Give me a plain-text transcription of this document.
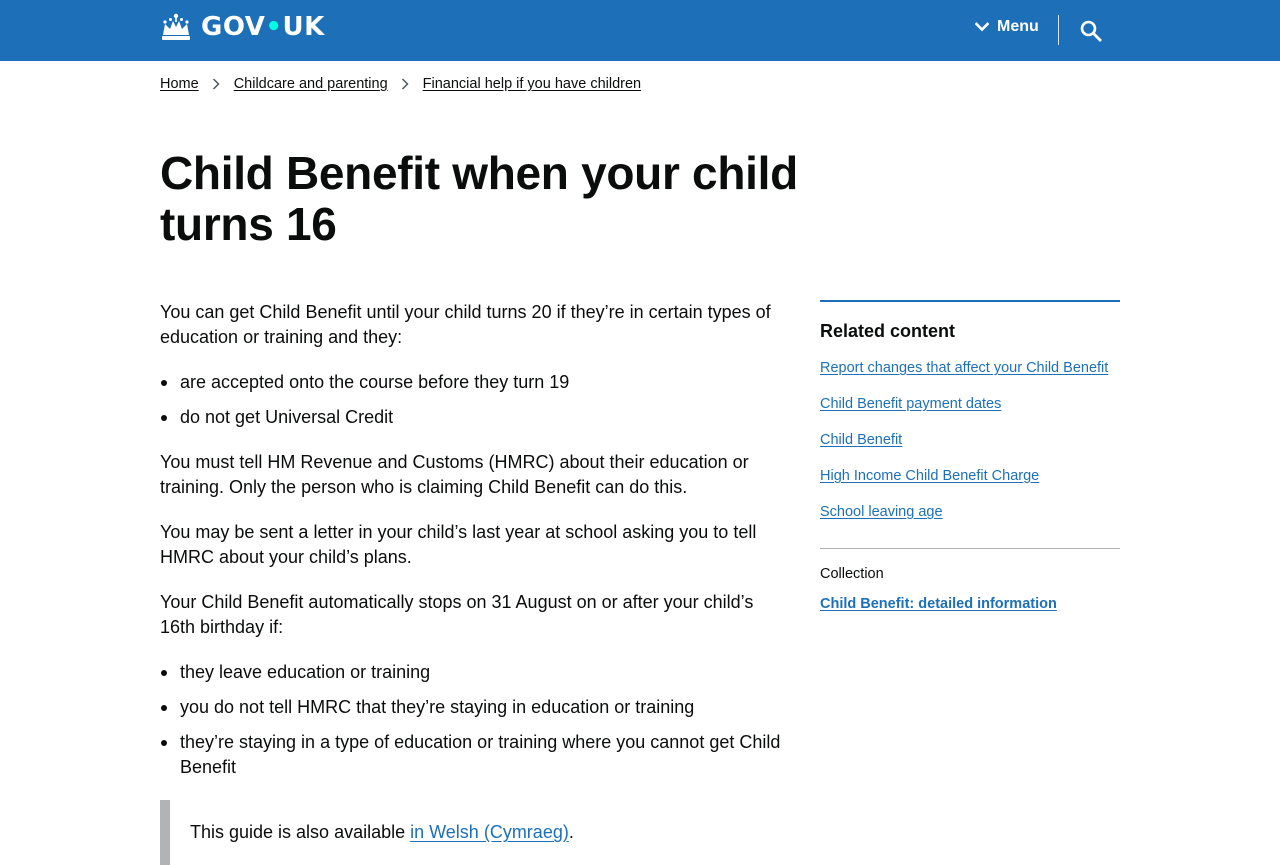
GOV•UK	Menu
Home Childcare and parenting Financial help if you have children
Child Benefit when your child turns 16

You can get Child Benefit until your child turns 20 if they’re in certain types of education or training and they:

are accepted onto the course before they turn 19
do not get Universal Credit

You must tell HM Revenue and Customs (HMRC) about their education or training. Only the person who is claiming Child Benefit can do this.

You may be sent a letter in your child’s last year at school asking you to tell HMRC about your child’s plans.

Your Child Benefit automatically stops on 31 August on or after your child’s 16th birthday if:

they leave education or training
you do not tell HMRC that they’re staying in education or training
they’re staying in a type of education or training where you cannot get Child Benefit
This guide is also available in Welsh (Cymraeg).
Related content
Report changes that affect your Child Benefit
Child Benefit payment dates
Child Benefit
High Income Child Benefit Charge
School leaving age
Collection
Child Benefit: detailed information
